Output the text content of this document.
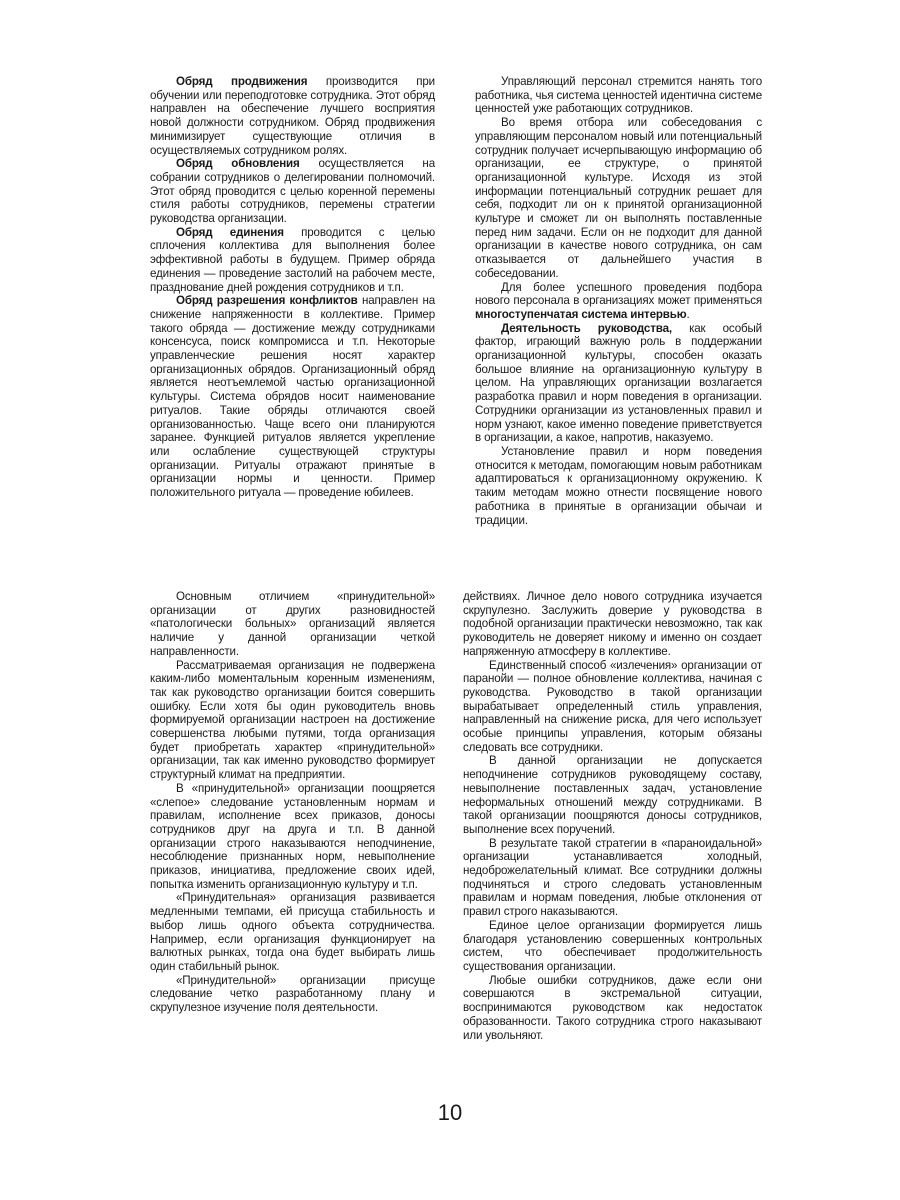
Обряд продвижения производится при обучении или переподготовке сотрудника. Этот обряд направлен на обеспечение лучшего восприятия новой должности сотрудником. Обряд продвижения минимизирует существующие отличия в осуществляемых сотрудником ролях.

Обряд обновления осуществляется на собрании сотрудников о делегировании полномочий. Этот обряд проводится с целью коренной перемены стиля работы сотрудников, перемены стратегии руководства организации.

Обряд единения проводится с целью сплочения коллектива для выполнения более эффективной работы в будущем. Пример обряда единения — проведение застолий на рабочем месте, празднование дней рождения сотрудников и т.п.

Обряд разрешения конфликтов направлен на снижение напряженности в коллективе. Пример такого обряда — достижение между сотрудниками консенсуса, поиск компромисса и т.п. Некоторые управленческие решения носят характер организационных обрядов. Организационный обряд является неотъемлемой частью организационной культуры. Система обрядов носит наименование ритуалов. Такие обряды отличаются своей организованностью. Чаще всего они планируются заранее. Функцией ритуалов является укрепление или ослабление существующей структуры организации. Ритуалы отражают принятые в организации нормы и ценности. Пример положительного ритуала — проведение юбилеев.

Управляющий персонал стремится нанять того работника, чья система ценностей идентична системе ценностей уже работающих сотрудников.

Во время отбора или собеседования с управляющим персоналом новый или потенциальный сотрудник получает исчерпывающую информацию об организации, ее структуре, о принятой организационной культуре. Исходя из этой информации потенциальный сотрудник решает для себя, подходит ли он к принятой организационной культуре и сможет ли он выполнять поставленные перед ним задачи. Если он не подходит для данной организации в качестве нового сотрудника, он сам отказывается от дальнейшего участия в собеседовании.

Для более успешного проведения подбора нового персонала в организациях может применяться многоступенчатая система интервью.

Деятельность руководства, как особый фактор, играющий важную роль в поддержании организационной культуры, способен оказать большое влияние на организационную культуру в целом. На управляющих организации возлагается разработка правил и норм поведения в организации. Сотрудники организации из установленных правил и норм узнают, какое именно поведение приветствуется в организации, а какое, напротив, наказуемо.

Установление правил и норм поведения относится к методам, помогающим новым работникам адаптироваться к организационному окружению. К таким методам можно отнести посвящение нового работника в принятые в организации обычаи и традиции.

Основным отличием «принудительной» организации от других разновидностей «патологически больных» организаций является наличие у данной организации четкой направленности.

Рассматриваемая организация не подвержена каким-либо моментальным коренным изменениям, так как руководство организации боится совершить ошибку. Если хотя бы один руководитель вновь формируемой организации настроен на достижение совершенства любыми путями, тогда организация будет приобретать характер «принудительной» организации, так как именно руководство формирует структурный климат на предприятии.

В «принудительной» организации поощряется «слепое» следование установленным нормам и правилам, исполнение всех приказов, доносы сотрудников друг на друга и т.п. В данной организации строго наказываются неподчинение, несоблюдение признанных норм, невыполнение приказов, инициатива, предложение своих идей, попытка изменить организационную культуру и т.п.

«Принудительная» организация развивается медленными темпами, ей присуща стабильность и выбор лишь одного объекта сотрудничества. Например, если организация функционирует на валютных рынках, тогда она будет выбирать лишь один стабильный рынок.

«Принудительной» организации присуще следование четко разработанному плану и скрупулезное изучение поля деятельности.

действиях. Личное дело нового сотрудника изучается скрупулезно. Заслужить доверие у руководства в подобной организации практически невозможно, так как руководитель не доверяет никому и именно он создает напряженную атмосферу в коллективе.

Единственный способ «излечения» организации от паранойи — полное обновление коллектива, начиная с руководства. Руководство в такой организации вырабатывает определенный стиль управления, направленный на снижение риска, для чего использует особые принципы управления, которым обязаны следовать все сотрудники.

В данной организации не допускается неподчинение сотрудников руководящему составу, невыполнение поставленных задач, установление неформальных отношений между сотрудниками. В такой организации поощряются доносы сотрудников, выполнение всех поручений.

В результате такой стратегии в «параноидальной» организации устанавливается холодный, недоброжелательный климат. Все сотрудники должны подчиняться и строго следовать установленным правилам и нормам поведения, любые отклонения от правил строго наказываются.

Единое целое организации формируется лишь благодаря установлению совершенных контрольных систем, что обеспечивает продолжительность существования организации.

Любые ошибки сотрудников, даже если они совершаются в экстремальной ситуации, воспринимаются руководством как недостаток образованности. Такого сотрудника строго наказывают или увольняют.

10
